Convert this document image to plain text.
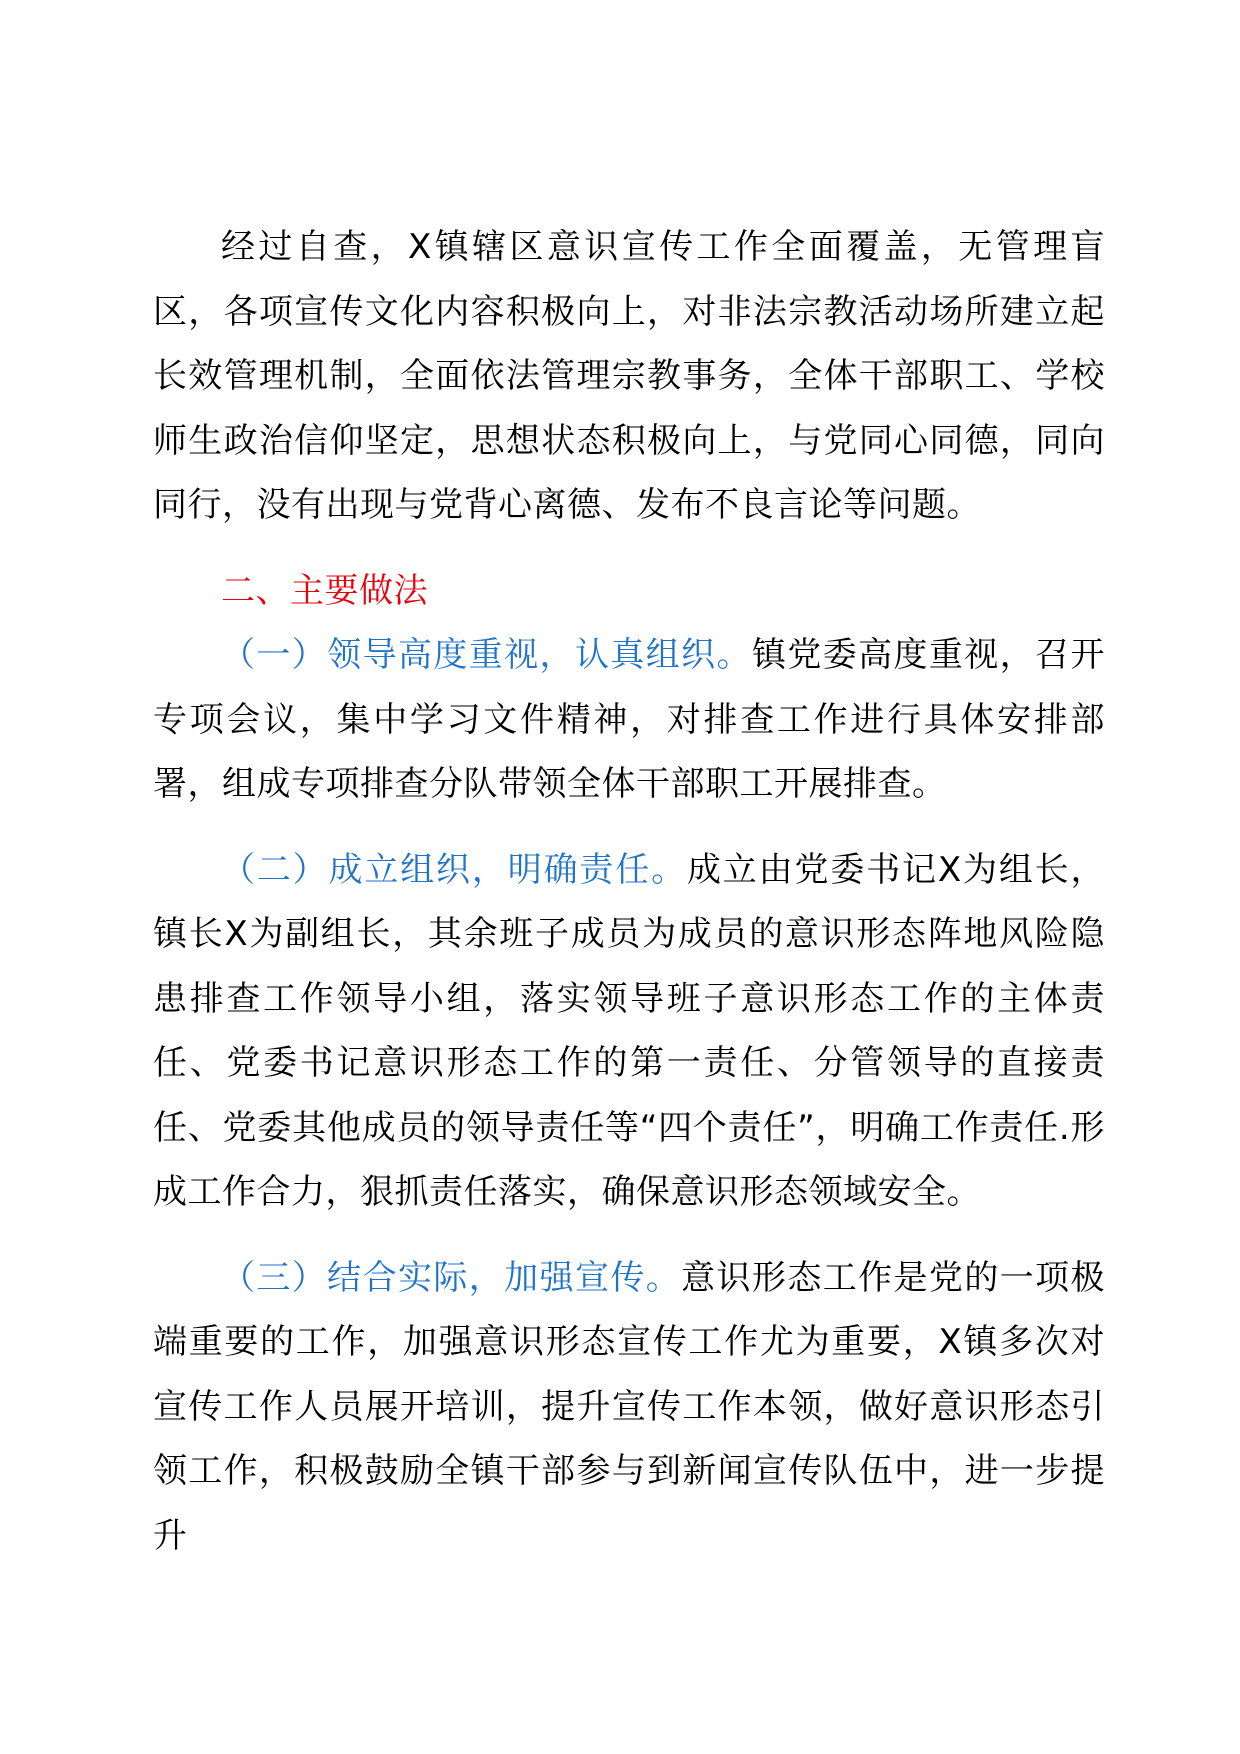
经过自查，X镇辖区意识宣传工作全面覆盖，无管理盲区，各项宣传文化内容积极向上，对非法宗教活动场所建立起长效管理机制，全面依法管理宗教事务，全体干部职工、学校师生政治信仰坚定，思想状态积极向上，与党同心同德，同向同行，没有出现与党背心离德、发布不良言论等问题。

二、主要做法

（一）领导高度重视，认真组织。镇党委高度重视，召开专项会议，集中学习文件精神，对排查工作进行具体安排部署，组成专项排查分队带领全体干部职工开展排查。

（二）成立组织，明确责任。成立由党委书记X为组长，镇长X为副组长，其余班子成员为成员的意识形态阵地风险隐患排查工作领导小组，落实领导班子意识形态工作的主体责任、党委书记意识形态工作的第一责任、分管领导的直接责任、党委其他成员的领导责任等“四个责任”，明确工作责任.形成工作合力，狠抓责任落实，确保意识形态领域安全。

（三）结合实际，加强宣传。意识形态工作是党的一项极端重要的工作，加强意识形态宣传工作尤为重要，X镇多次对宣传工作人员展开培训，提升宣传工作本领，做好意识形态引领工作，积极鼓励全镇干部参与到新闻宣传队伍中，进一步提升
